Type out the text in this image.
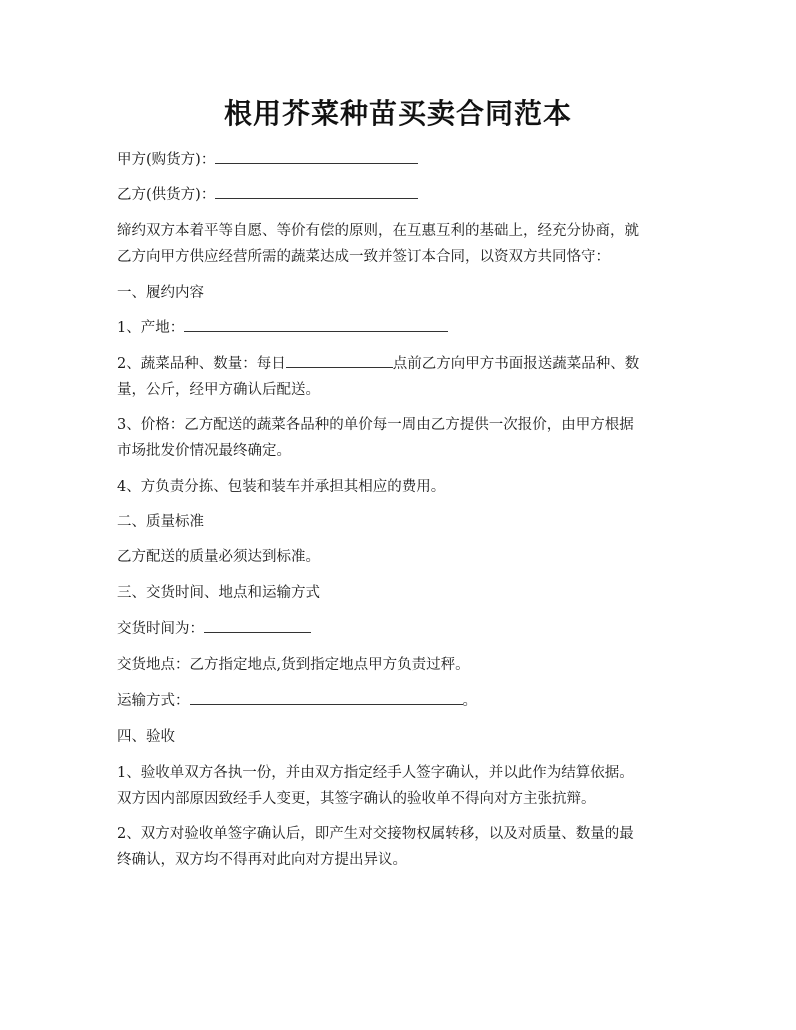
根用芥菜种苗买卖合同范本
甲方(购货方)：
乙方(供货方)：
缔约双方本着平等自愿、等价有偿的原则，在互惠互利的基础上，经充分协商，就
乙方向甲方供应经营所需的蔬菜达成一致并签订本合同，以资双方共同恪守：
一、履约内容
1、产地：
2、蔬菜品种、数量：每日	点前乙方向甲方书面报送蔬菜品种、数
量，公斤，经甲方确认后配送。
3、价格：乙方配送的蔬菜各品种的单价每一周由乙方提供一次报价，由甲方根据
市场批发价情况最终确定。
4、方负责分拣、包装和装车并承担其相应的费用。
二、质量标准
乙方配送的质量必须达到标准。
三、交货时间、地点和运输方式
交货时间为：
交货地点：乙方指定地点,货到指定地点甲方负责过秤。
运输方式：	。
四、验收
1、验收单双方各执一份，并由双方指定经手人签字确认，并以此作为结算依据。
双方因内部原因致经手人变更，其签字确认的验收单不得向对方主张抗辩。
2、双方对验收单签字确认后，即产生对交接物权属转移，以及对质量、数量的最
终确认，双方均不得再对此向对方提出异议。
